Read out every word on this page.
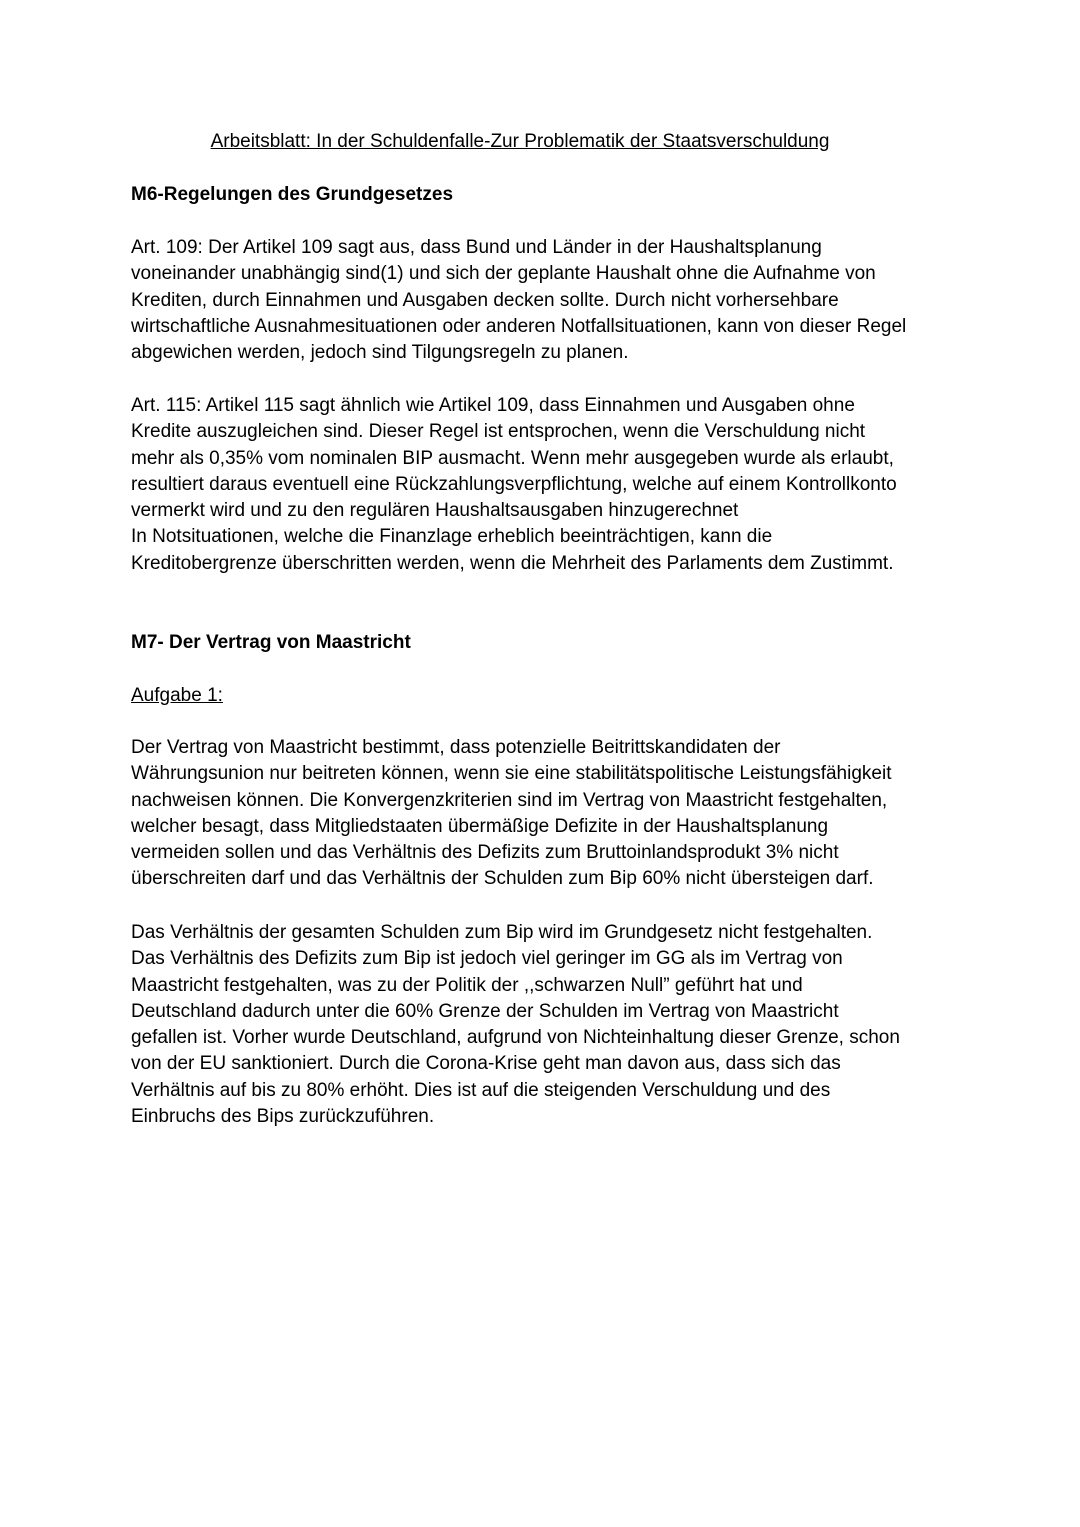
Arbeitsblatt: In der Schuldenfalle-Zur Problematik der Staatsverschuldung
M6-Regelungen des Grundgesetzes
Art. 109: Der Artikel 109 sagt aus, dass Bund und Länder in der Haushaltsplanung
voneinander unabhängig sind(1) und sich der geplante Haushalt ohne die Aufnahme von
Krediten, durch Einnahmen und Ausgaben decken sollte. Durch nicht vorhersehbare
wirtschaftliche Ausnahmesituationen oder anderen Notfallsituationen, kann von dieser Regel
abgewichen werden, jedoch sind Tilgungsregeln zu planen.
Art. 115: Artikel 115 sagt ähnlich wie Artikel 109, dass Einnahmen und Ausgaben ohne
Kredite auszugleichen sind. Dieser Regel ist entsprochen, wenn die Verschuldung nicht
mehr als 0,35% vom nominalen BIP ausmacht. Wenn mehr ausgegeben wurde als erlaubt,
resultiert daraus eventuell eine Rückzahlungsverpflichtung, welche auf einem Kontrollkonto
vermerkt wird und zu den regulären Haushaltsausgaben hinzugerechnet
In Notsituationen, welche die Finanzlage erheblich beeinträchtigen, kann die
Kreditobergrenze überschritten werden, wenn die Mehrheit des Parlaments dem Zustimmt.
M7- Der Vertrag von Maastricht
Aufgabe 1:
Der Vertrag von Maastricht bestimmt, dass potenzielle Beitrittskandidaten der
Währungsunion nur beitreten können, wenn sie eine stabilitätspolitische Leistungsfähigkeit
nachweisen können. Die Konvergenzkriterien sind im Vertrag von Maastricht festgehalten,
welcher besagt, dass Mitgliedstaaten übermäßige Defizite in der Haushaltsplanung
vermeiden sollen und das Verhältnis des Defizits zum Bruttoinlandsprodukt 3% nicht
überschreiten darf und das Verhältnis der Schulden zum Bip 60% nicht übersteigen darf.
Das Verhältnis der gesamten Schulden zum Bip wird im Grundgesetz nicht festgehalten.
Das Verhältnis des Defizits zum Bip ist jedoch viel geringer im GG als im Vertrag von
Maastricht festgehalten, was zu der Politik der ,,schwarzen Null” geführt hat und
Deutschland dadurch unter die 60% Grenze der Schulden im Vertrag von Maastricht
gefallen ist. Vorher wurde Deutschland, aufgrund von Nichteinhaltung dieser Grenze, schon
von der EU sanktioniert. Durch die Corona-Krise geht man davon aus, dass sich das
Verhältnis auf bis zu 80% erhöht. Dies ist auf die steigenden Verschuldung und des
Einbruchs des Bips zurückzuführen.
